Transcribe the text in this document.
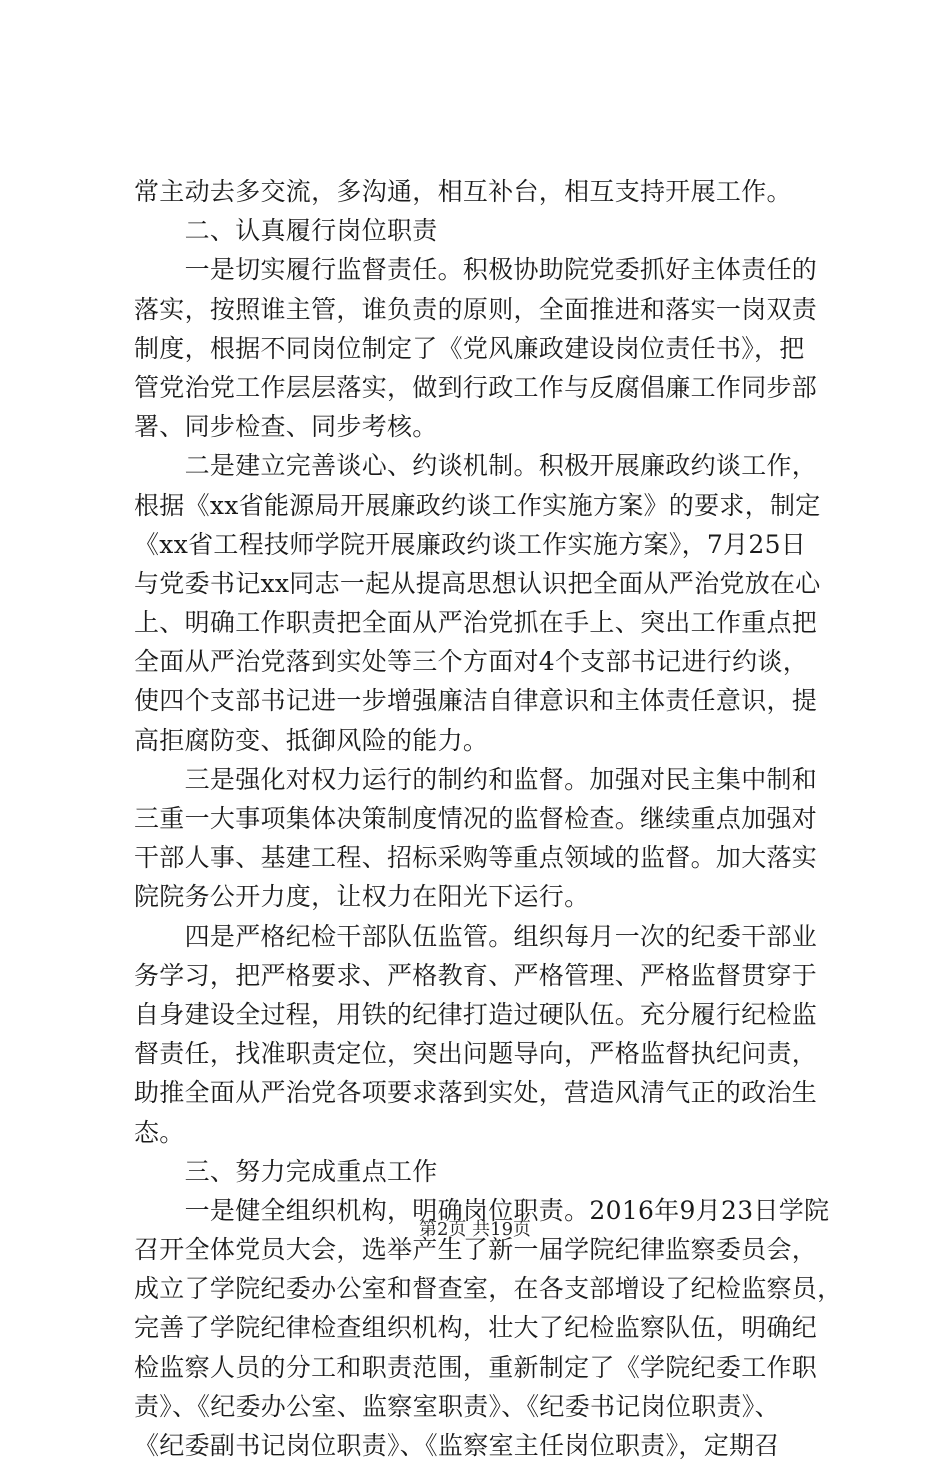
常主动去多交流，多沟通，相互补台，相互支持开展工作。
　　二、认真履行岗位职责
　　一是切实履行监督责任。积极协助院党委抓好主体责任的
落实，按照谁主管，谁负责的原则，全面推进和落实一岗双责
制度，根据不同岗位制定了《党风廉政建设岗位责任书》，把
管党治党工作层层落实，做到行政工作与反腐倡廉工作同步部
署、同步检查、同步考核。
　　二是建立完善谈心、约谈机制。积极开展廉政约谈工作，
根据《xx省能源局开展廉政约谈工作实施方案》的要求，制定
《xx省工程技师学院开展廉政约谈工作实施方案》，7月25日
与党委书记xx同志一起从提高思想认识把全面从严治党放在心
上、明确工作职责把全面从严治党抓在手上、突出工作重点把
全面从严治党落到实处等三个方面对4个支部书记进行约谈，
使四个支部书记进一步增强廉洁自律意识和主体责任意识，提
高拒腐防变、抵御风险的能力。
　　三是强化对权力运行的制约和监督。加强对民主集中制和
三重一大事项集体决策制度情况的监督检查。继续重点加强对
干部人事、基建工程、招标采购等重点领域的监督。加大落实
院院务公开力度，让权力在阳光下运行。
　　四是严格纪检干部队伍监管。组织每月一次的纪委干部业
务学习，把严格要求、严格教育、严格管理、严格监督贯穿于
自身建设全过程，用铁的纪律打造过硬队伍。充分履行纪检监
督责任，找准职责定位，突出问题导向，严格监督执纪问责，
助推全面从严治党各项要求落到实处，营造风清气正的政治生
态。
　　三、努力完成重点工作
　　一是健全组织机构，明确岗位职责。2016年9月23日学院
召开全体党员大会，选举产生了新一届学院纪律监察委员会，
成立了学院纪委办公室和督查室，在各支部增设了纪检监察员，
完善了学院纪律检查组织机构，壮大了纪检监察队伍，明确纪
检监察人员的分工和职责范围，重新制定了《学院纪委工作职
责》、《纪委办公室、监察室职责》、《纪委书记岗位职责》、
《纪委副书记岗位职责》、《监察室主任岗位职责》，定期召
第2页 共19页
